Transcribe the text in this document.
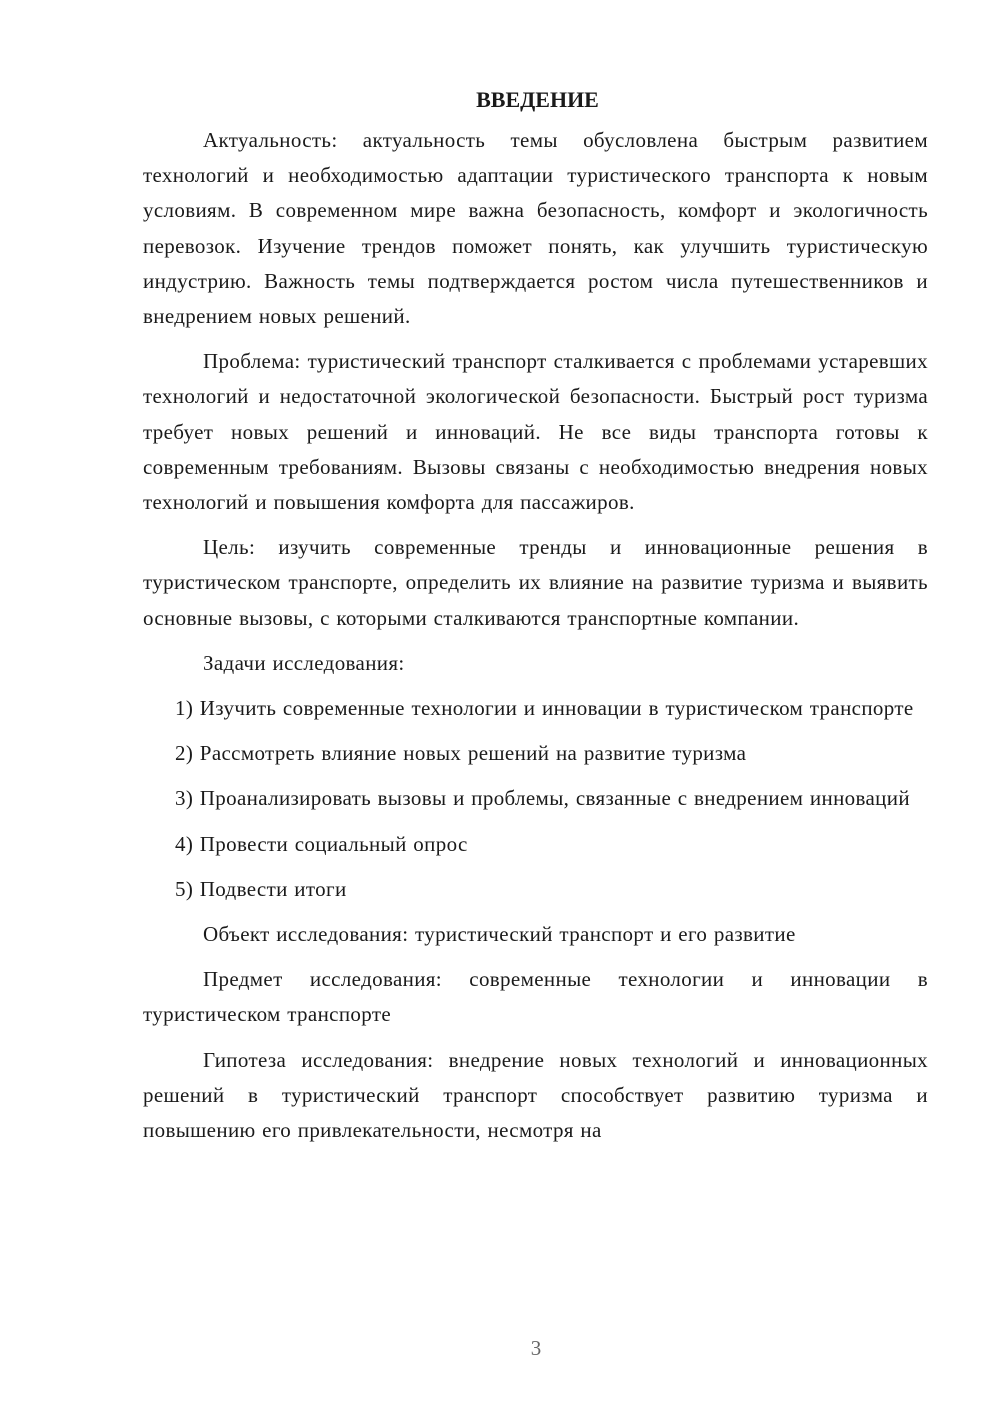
ВВЕДЕНИЕ

Актуальность: актуальность темы обусловлена быстрым развитием технологий и необходимостью адаптации туристического транспорта к новым условиям. В современном мире важна безопасность, комфорт и экологичность перевозок. Изучение трендов поможет понять, как улучшить туристическую индустрию. Важность темы подтверждается ростом числа путешественников и внедрением новых решений.

Проблема: туристический транспорт сталкивается с проблемами устаревших технологий и недостаточной экологической безопасности. Быстрый рост туризма требует новых решений и инноваций. Не все виды транспорта готовы к современным требованиям. Вызовы связаны с необходимостью внедрения новых технологий и повышения комфорта для пассажиров.

Цель: изучить современные тренды и инновационные решения в туристическом транспорте, определить их влияние на развитие туризма и выявить основные вызовы, с которыми сталкиваются транспортные компании.

Задачи исследования:

1) Изучить современные технологии и инновации в туристическом транспорте

2) Рассмотреть влияние новых решений на развитие туризма

3) Проанализировать вызовы и проблемы, связанные с внедрением инноваций

4) Провести социальный опрос

5) Подвести итоги

Объект исследования: туристический транспорт и его развитие

Предмет исследования: современные технологии и инновации в туристическом транспорте

Гипотеза исследования: внедрение новых технологий и инновационных решений в туристический транспорт способствует развитию туризма и повышению его привлекательности, несмотря на

3
